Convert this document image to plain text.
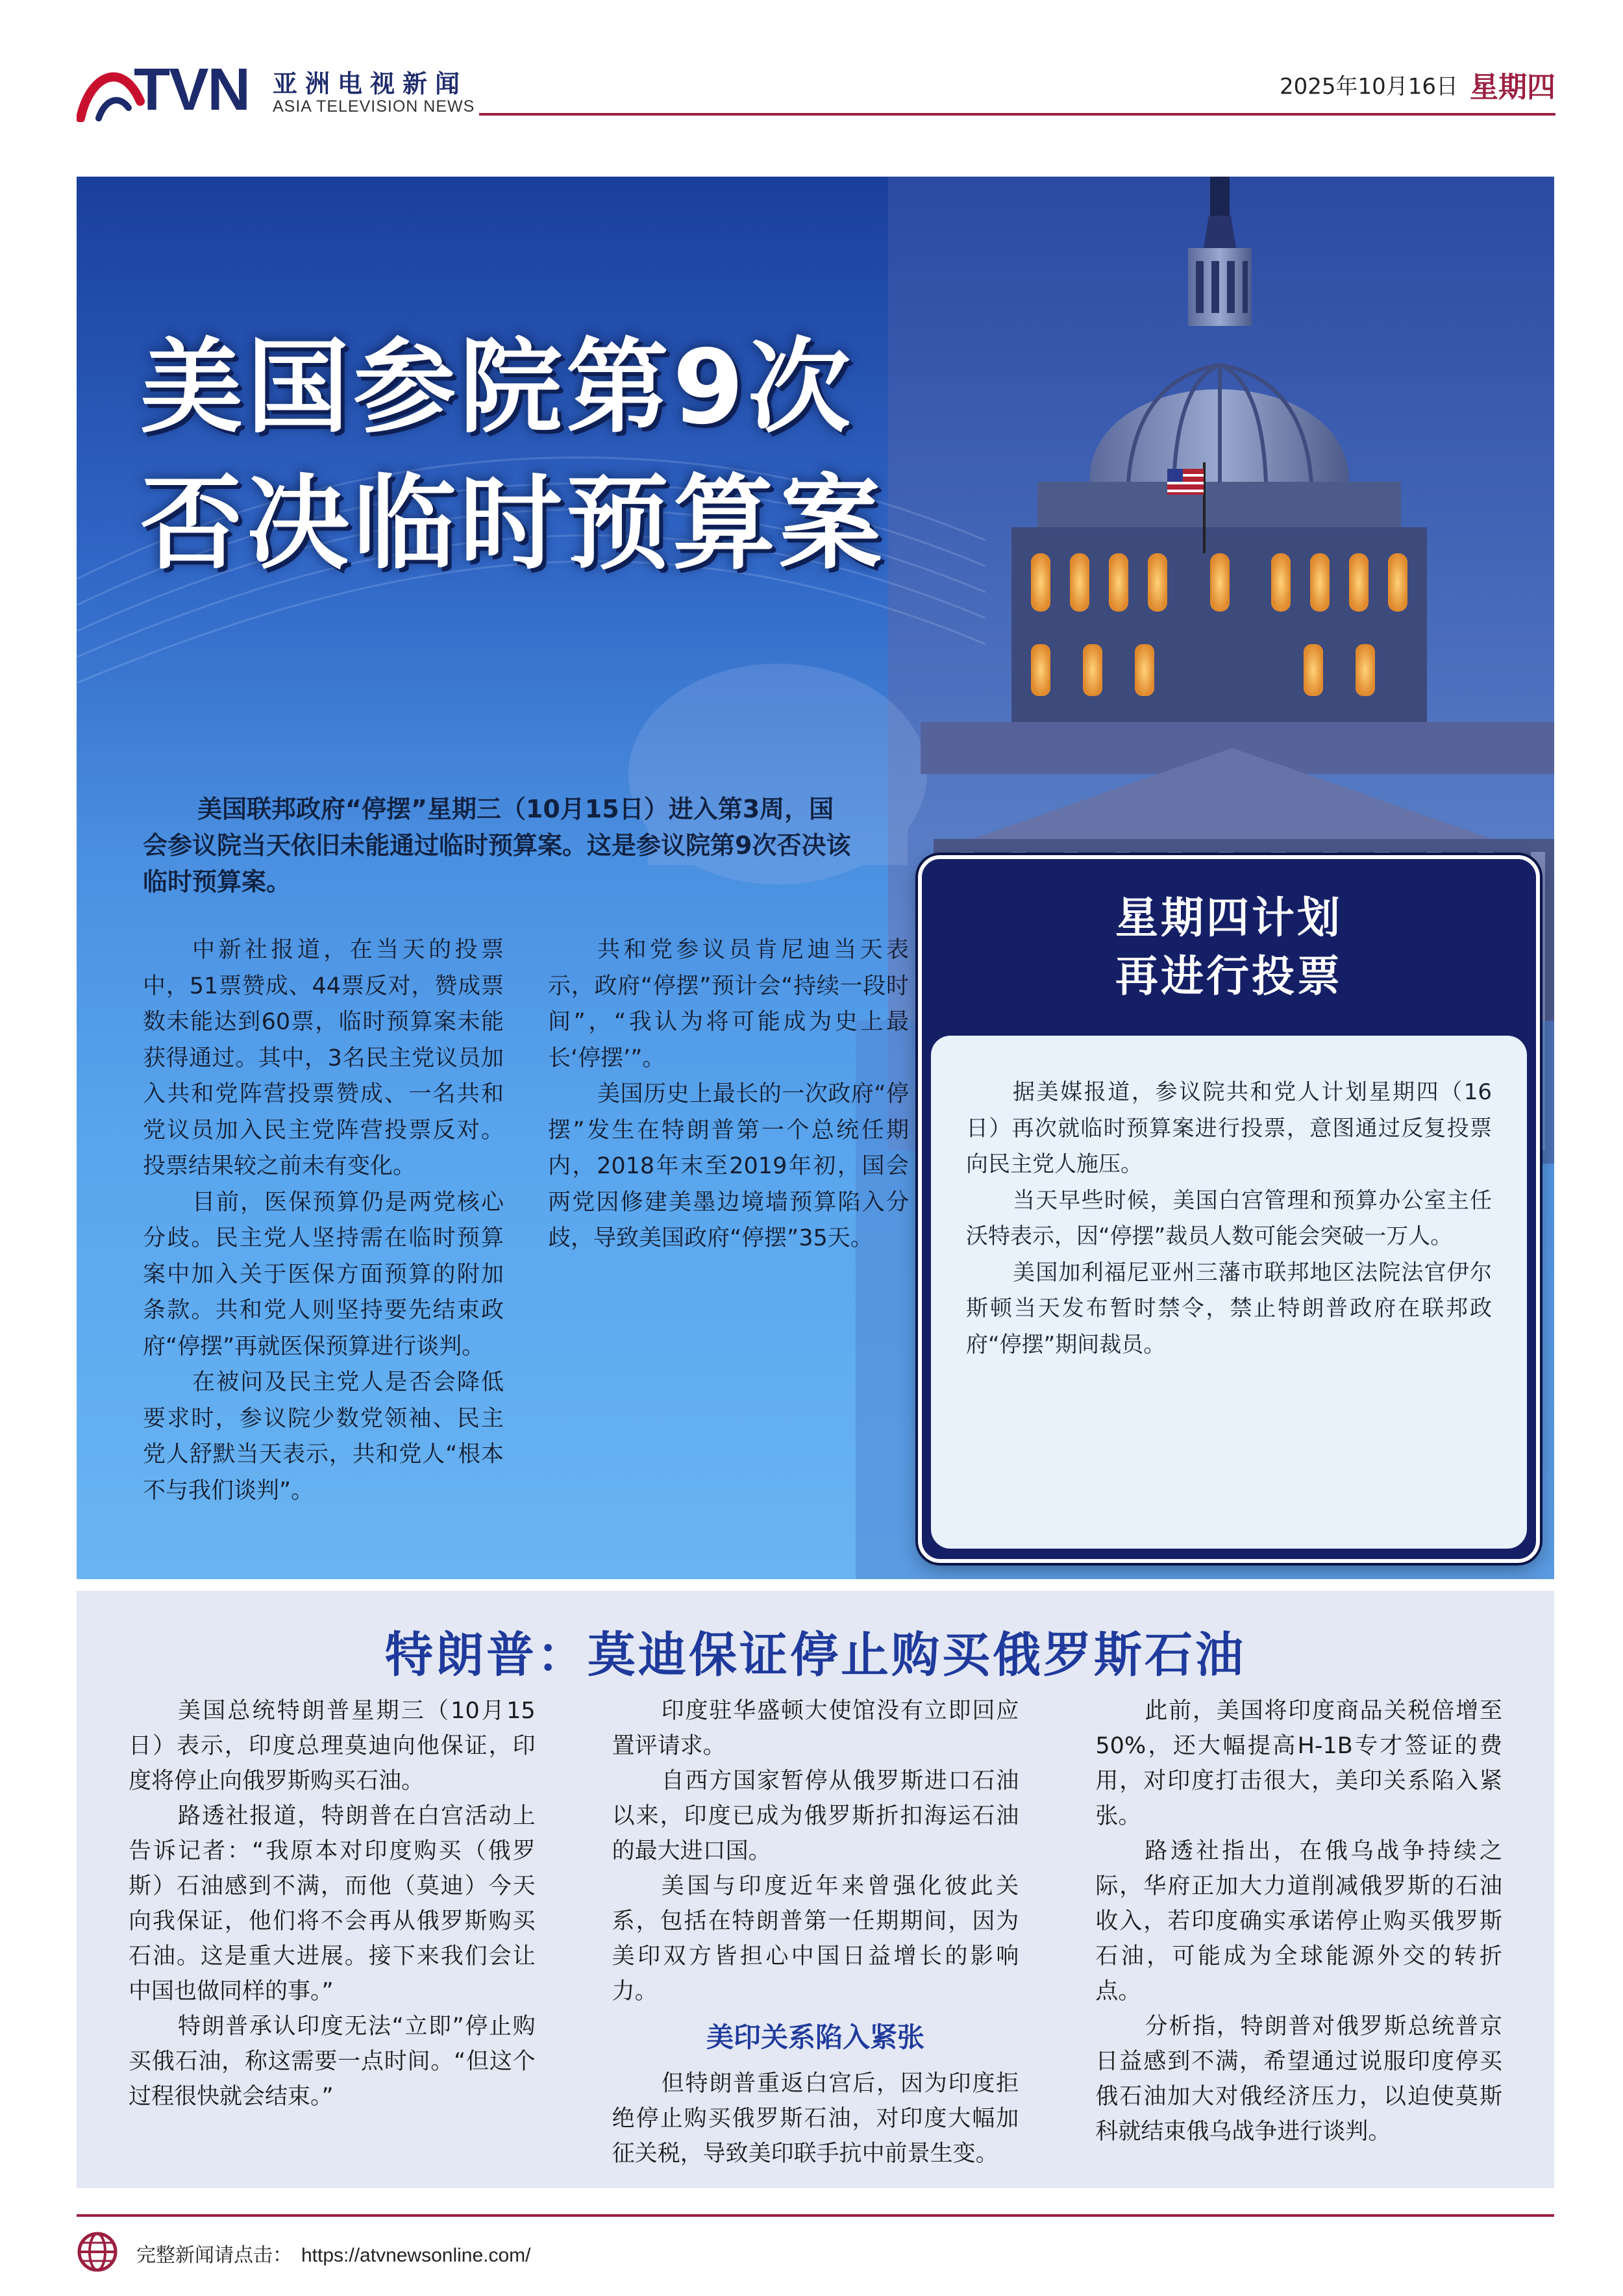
TVN 亚洲电视新闻
ASIA TELEVISION NEWS
2025年10月16日 星期四
美国参院第9次
否决临时预算案
美国联邦政府“停摆”星期三（10月15日）进入第3周，国会参议院当天依旧未能通过临时预算案。这是参议院第9次否决该临时预算案。

中新社报道，在当天的投票中，51票赞成、44票反对，赞成票数未能达到60票，临时预算案未能获得通过。其中，3名民主党议员加入共和党阵营投票赞成、一名共和党议员加入民主党阵营投票反对。投票结果较之前未有变化。

目前，医保预算仍是两党核心分歧。民主党人坚持需在临时预算案中加入关于医保方面预算的附加条款。共和党人则坚持要先结束政府“停摆”再就医保预算进行谈判。

在被问及民主党人是否会降低要求时，参议院少数党领袖、民主党人舒默当天表示，共和党人“根本不与我们谈判”。

共和党参议员肯尼迪当天表示，政府“停摆”预计会“持续一段时间”，“我认为将可能成为史上最长‘停摆’”。

美国历史上最长的一次政府“停摆”发生在特朗普第一个总统任期内，2018年末至2019年初，国会两党因修建美墨边境墙预算陷入分歧，导致美国政府“停摆”35天。

星期四计划
再进行投票

据美媒报道，参议院共和党人计划星期四（16日）再次就临时预算案进行投票，意图通过反复投票向民主党人施压。

当天早些时候，美国白宫管理和预算办公室主任沃特表示，因“停摆”裁员人数可能会突破一万人。

美国加利福尼亚州三藩市联邦地区法院法官伊尔斯顿当天发布暂时禁令，禁止特朗普政府在联邦政府“停摆”期间裁员。

特朗普：莫迪保证停止购买俄罗斯石油

美国总统特朗普星期三（10月15日）表示，印度总理莫迪向他保证，印度将停止向俄罗斯购买石油。

路透社报道，特朗普在白宫活动上告诉记者：“我原本对印度购买（俄罗斯）石油感到不满，而他（莫迪）今天向我保证，他们将不会再从俄罗斯购买石油。这是重大进展。接下来我们会让中国也做同样的事。”

特朗普承认印度无法“立即”停止购买俄石油，称这需要一点时间。“但这个过程很快就会结束。”

印度驻华盛顿大使馆没有立即回应置评请求。

自西方国家暂停从俄罗斯进口石油以来，印度已成为俄罗斯折扣海运石油的最大进口国。

美国与印度近年来曾强化彼此关系，包括在特朗普第一任期期间，因为美印双方皆担心中国日益增长的影响力。

美印关系陷入紧张

但特朗普重返白宫后，因为印度拒绝停止购买俄罗斯石油，对印度大幅加征关税，导致美印联手抗中前景生变。

此前，美国将印度商品关税倍增至50%，还大幅提高H-1B专才签证的费用，对印度打击很大，美印关系陷入紧张。

路透社指出，在俄乌战争持续之际，华府正加大力道削减俄罗斯的石油收入，若印度确实承诺停止购买俄罗斯石油，可能成为全球能源外交的转折点。

分析指，特朗普对俄罗斯总统普京日益感到不满，希望通过说服印度停买俄石油加大对俄经济压力，以迫使莫斯科就结束俄乌战争进行谈判。

完整新闻请点击： https://atvnewsonline.com/
